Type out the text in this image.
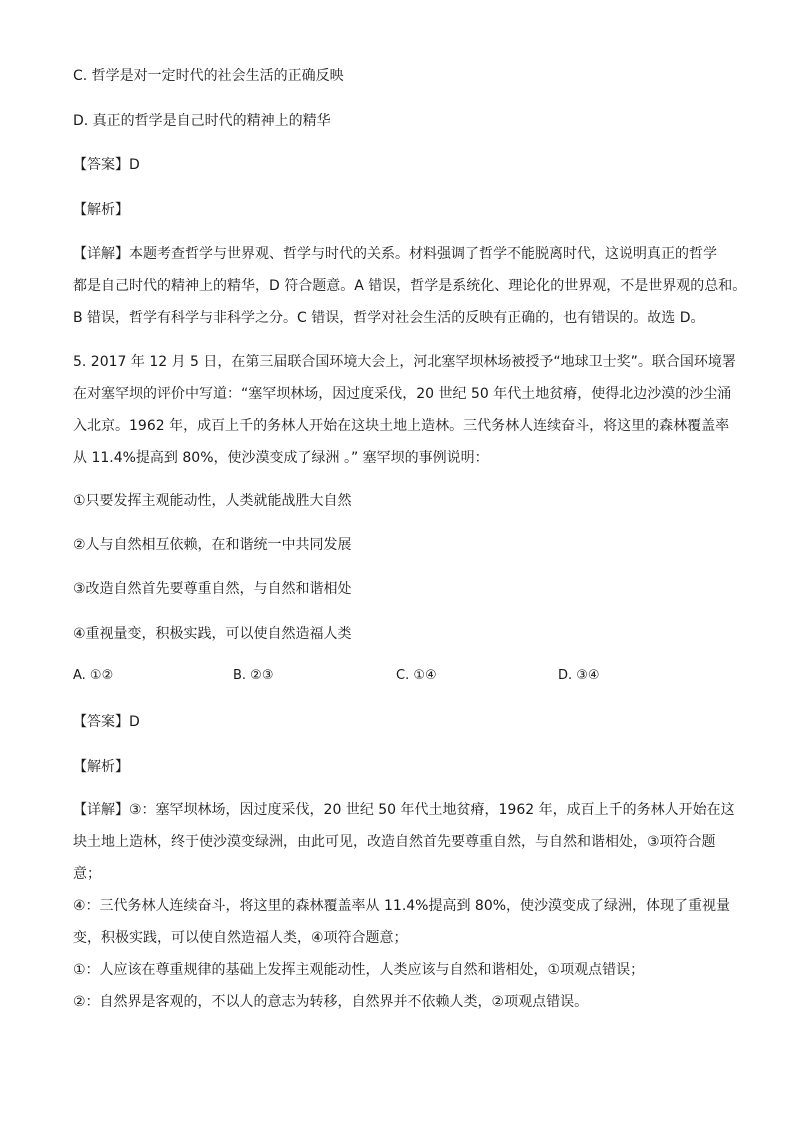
C. 哲学是对一定时代的社会生活的正确反映
D. 真正的哲学是自己时代的精神上的精华
【答案】D
【解析】
【详解】本题考查哲学与世界观、哲学与时代的关系。材料强调了哲学不能脱离时代，这说明真正的哲学
都是自己时代的精神上的精华，D 符合题意。A 错误，哲学是系统化、理论化的世界观，不是世界观的总和。
B 错误，哲学有科学与非科学之分。C 错误，哲学对社会生活的反映有正确的，也有错误的。故选 D。
5. 2017 年 12 月 5 日，在第三届联合国环境大会上，河北塞罕坝林场被授予“地球卫士奖”。联合国环境署
在对塞罕坝的评价中写道：“塞罕坝林场，因过度采伐，20 世纪 50 年代土地贫瘠，使得北边沙漠的沙尘涌
入北京。1962 年，成百上千的务林人开始在这块土地上造林。三代务林人连续奋斗，将这里的森林覆盖率
从 11.4%提高到 80%，使沙漠变成了绿洲 。” 塞罕坝的事例说明：
①只要发挥主观能动性，人类就能战胜大自然
②人与自然相互依赖，在和谐统一中共同发展
③改造自然首先要尊重自然，与自然和谐相处
④重视量变，积极实践，可以使自然造福人类
A. ①②	B. ②③	C. ①④	D. ③④
【答案】D
【解析】
【详解】③：塞罕坝林场，因过度采伐，20 世纪 50 年代土地贫瘠，1962 年，成百上千的务林人开始在这
块土地上造林，终于使沙漠变绿洲，由此可见，改造自然首先要尊重自然，与自然和谐相处，③项符合题
意；
④：三代务林人连续奋斗，将这里的森林覆盖率从 11.4%提高到 80%，使沙漠变成了绿洲，体现了重视量
变，积极实践，可以使自然造福人类，④项符合题意；
①：人应该在尊重规律的基础上发挥主观能动性，人类应该与自然和谐相处，①项观点错误；
②：自然界是客观的，不以人的意志为转移，自然界并不依赖人类，②项观点错误。
